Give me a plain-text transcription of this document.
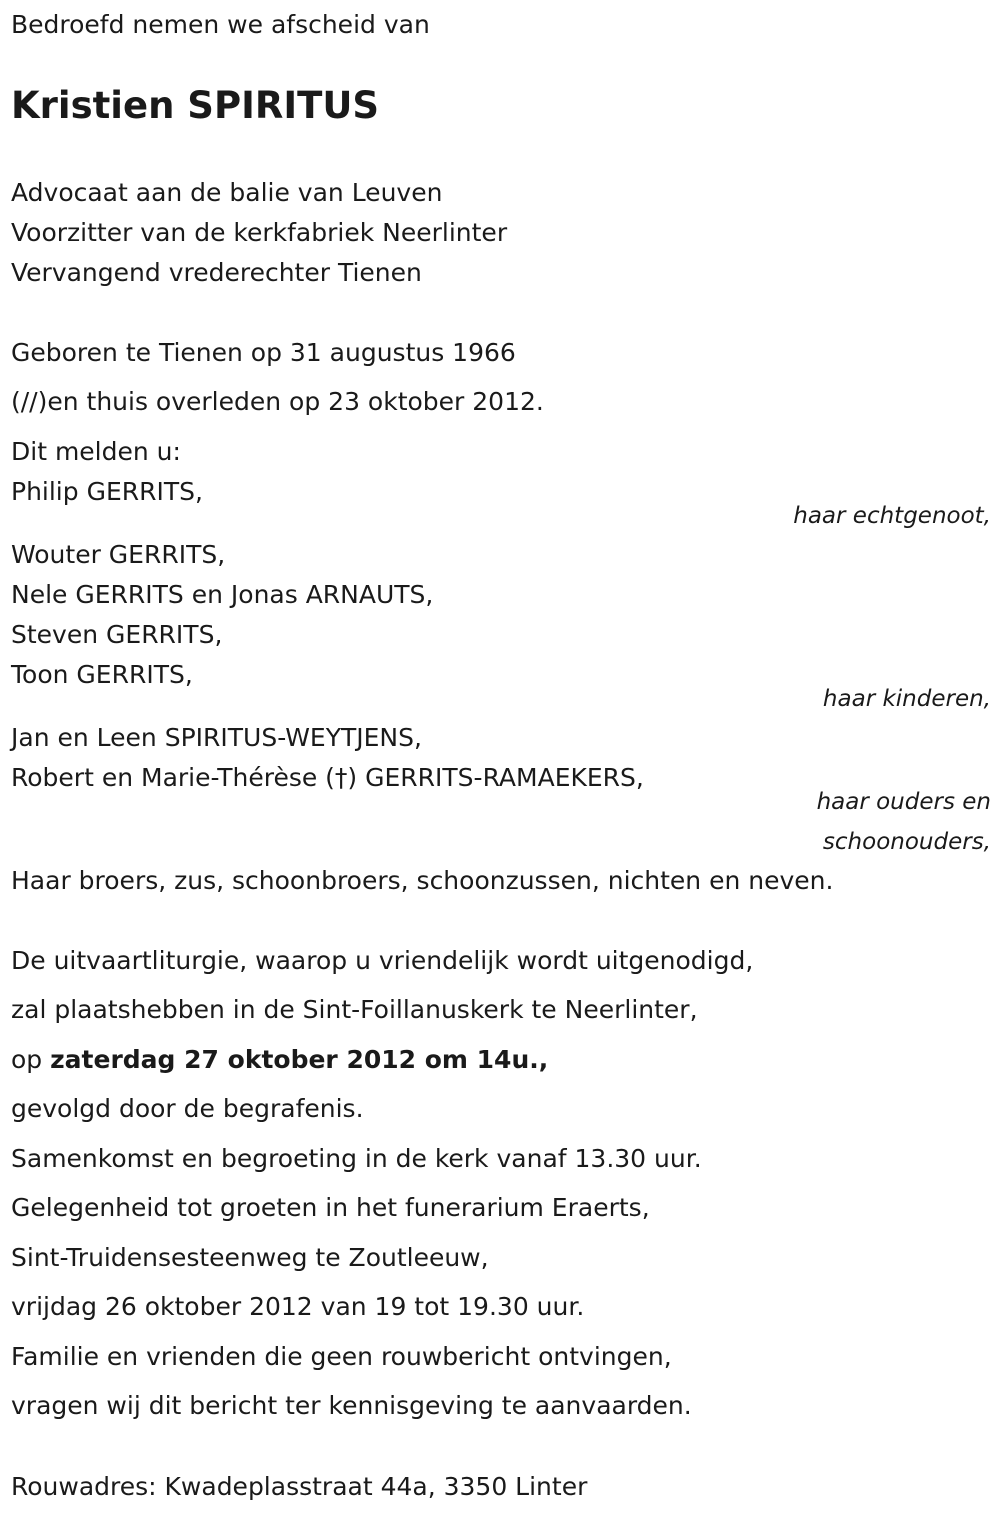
Bedroefd nemen we afscheid van
Kristien SPIRITUS
Advocaat aan de balie van Leuven
Voorzitter van de kerkfabriek Neerlinter
Vervangend vrederechter Tienen
Geboren te Tienen op 31 augustus 1966
(//)en thuis overleden op 23 oktober 2012.
Dit melden u:
Philip GERRITS,
haar echtgenoot,
Wouter GERRITS,
Nele GERRITS en Jonas ARNAUTS,
Steven GERRITS,
Toon GERRITS,
haar kinderen,
Jan en Leen SPIRITUS-WEYTJENS,
Robert en Marie-Thérèse (†) GERRITS-RAMAEKERS,
haar ouders en
schoonouders,
Haar broers, zus, schoonbroers, schoonzussen, nichten en neven.
De uitvaartliturgie, waarop u vriendelijk wordt uitgenodigd,
zal plaatshebben in de Sint-Foillanuskerk te Neerlinter,
op zaterdag 27 oktober 2012 om 14u.,
gevolgd door de begrafenis.
Samenkomst en begroeting in de kerk vanaf 13.30 uur.
Gelegenheid tot groeten in het funerarium Eraerts,
Sint-Truidensesteenweg te Zoutleeuw,
vrijdag 26 oktober 2012 van 19 tot 19.30 uur.
Familie en vrienden die geen rouwbericht ontvingen,
vragen wij dit bericht ter kennisgeving te aanvaarden.
Rouwadres: Kwadeplasstraat 44a, 3350 Linter
